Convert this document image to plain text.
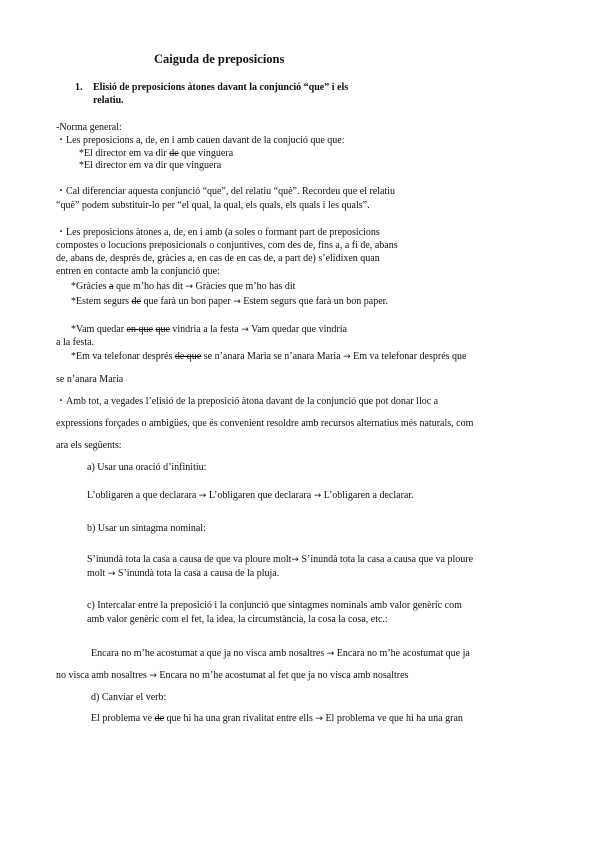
Caiguda de preposicions
1. Elisió de preposicions àtones davant la conjunció “que” i els
relatiu.
-Norma general:
・Les preposicions a, de, en i amb cauen davant de la conjució que que:
*El director em va dir de que vinguera
*El director em va dir que vinguera
・Cal diferenciar aquesta conjunció “que”, del relatiu “què”. Recordeu que el relatiu
“què” podem substituir-lo per “el qual, la qual, els quals, els quals i les quals”.
・Les preposicions àtones a, de, en i amb (a soles o formant part de preposicions
compostes o locucions preposicionals o conjuntives, com des de, fins a, a fi de, abans
de, abans de, després de, gràcies a, en cas de en cas de, a part de) s’elidixen quan
entren en contacte amb la conjunció que:
*Gràcies a que m’ho has dit → Gràcies que m’ho has dit
*Estem segurs de que farà un bon paper → Estem segurs que farà un bon paper.
*Vam quedar en que que vindria a la festa → Vam quedar que vindria
a la festa.
*Em va telefonar després de que se n’anara Maria se n’anara Maria → Em va telefonar després que
se n’anara Maria
・Amb tot, a vegades l’elisió de la preposició àtona davant de la conjunció que pot donar lloc a
expressions forçades o ambigües, que és convenient resoldre amb recursos alternatius més naturals, com
ara els següents:
a) Usar una oració d’infinitiu:
L’obligaren a que declarara → L’obligaren que declarara → L’obligaren a declarar.
b) Usar un sintagma nominal:
S’inundà tota la casa a causa de que va ploure molt→ S’inundà tota la casa a causa que va ploure
molt → S’inundà tota la casa a causa de la pluja.
c) Intercalar entre la preposició i la conjunció que sintagmes nominals amb valor genèric com
amb valor genèric com el fet, la idea, la circumstància, la cosa la cosa, etc.:
Encara no m’he acostumat a que ja no visca amb nosaltres → Encara no m’he acostumat que ja
no visca amb nosaltres → Encara no m’he acostumat al fet que ja no visca amb nosaltres
d) Canviar el verb:
El problema ve de que hi ha una gran rivalitat entre ells → El problema ve que hi ha una gran
